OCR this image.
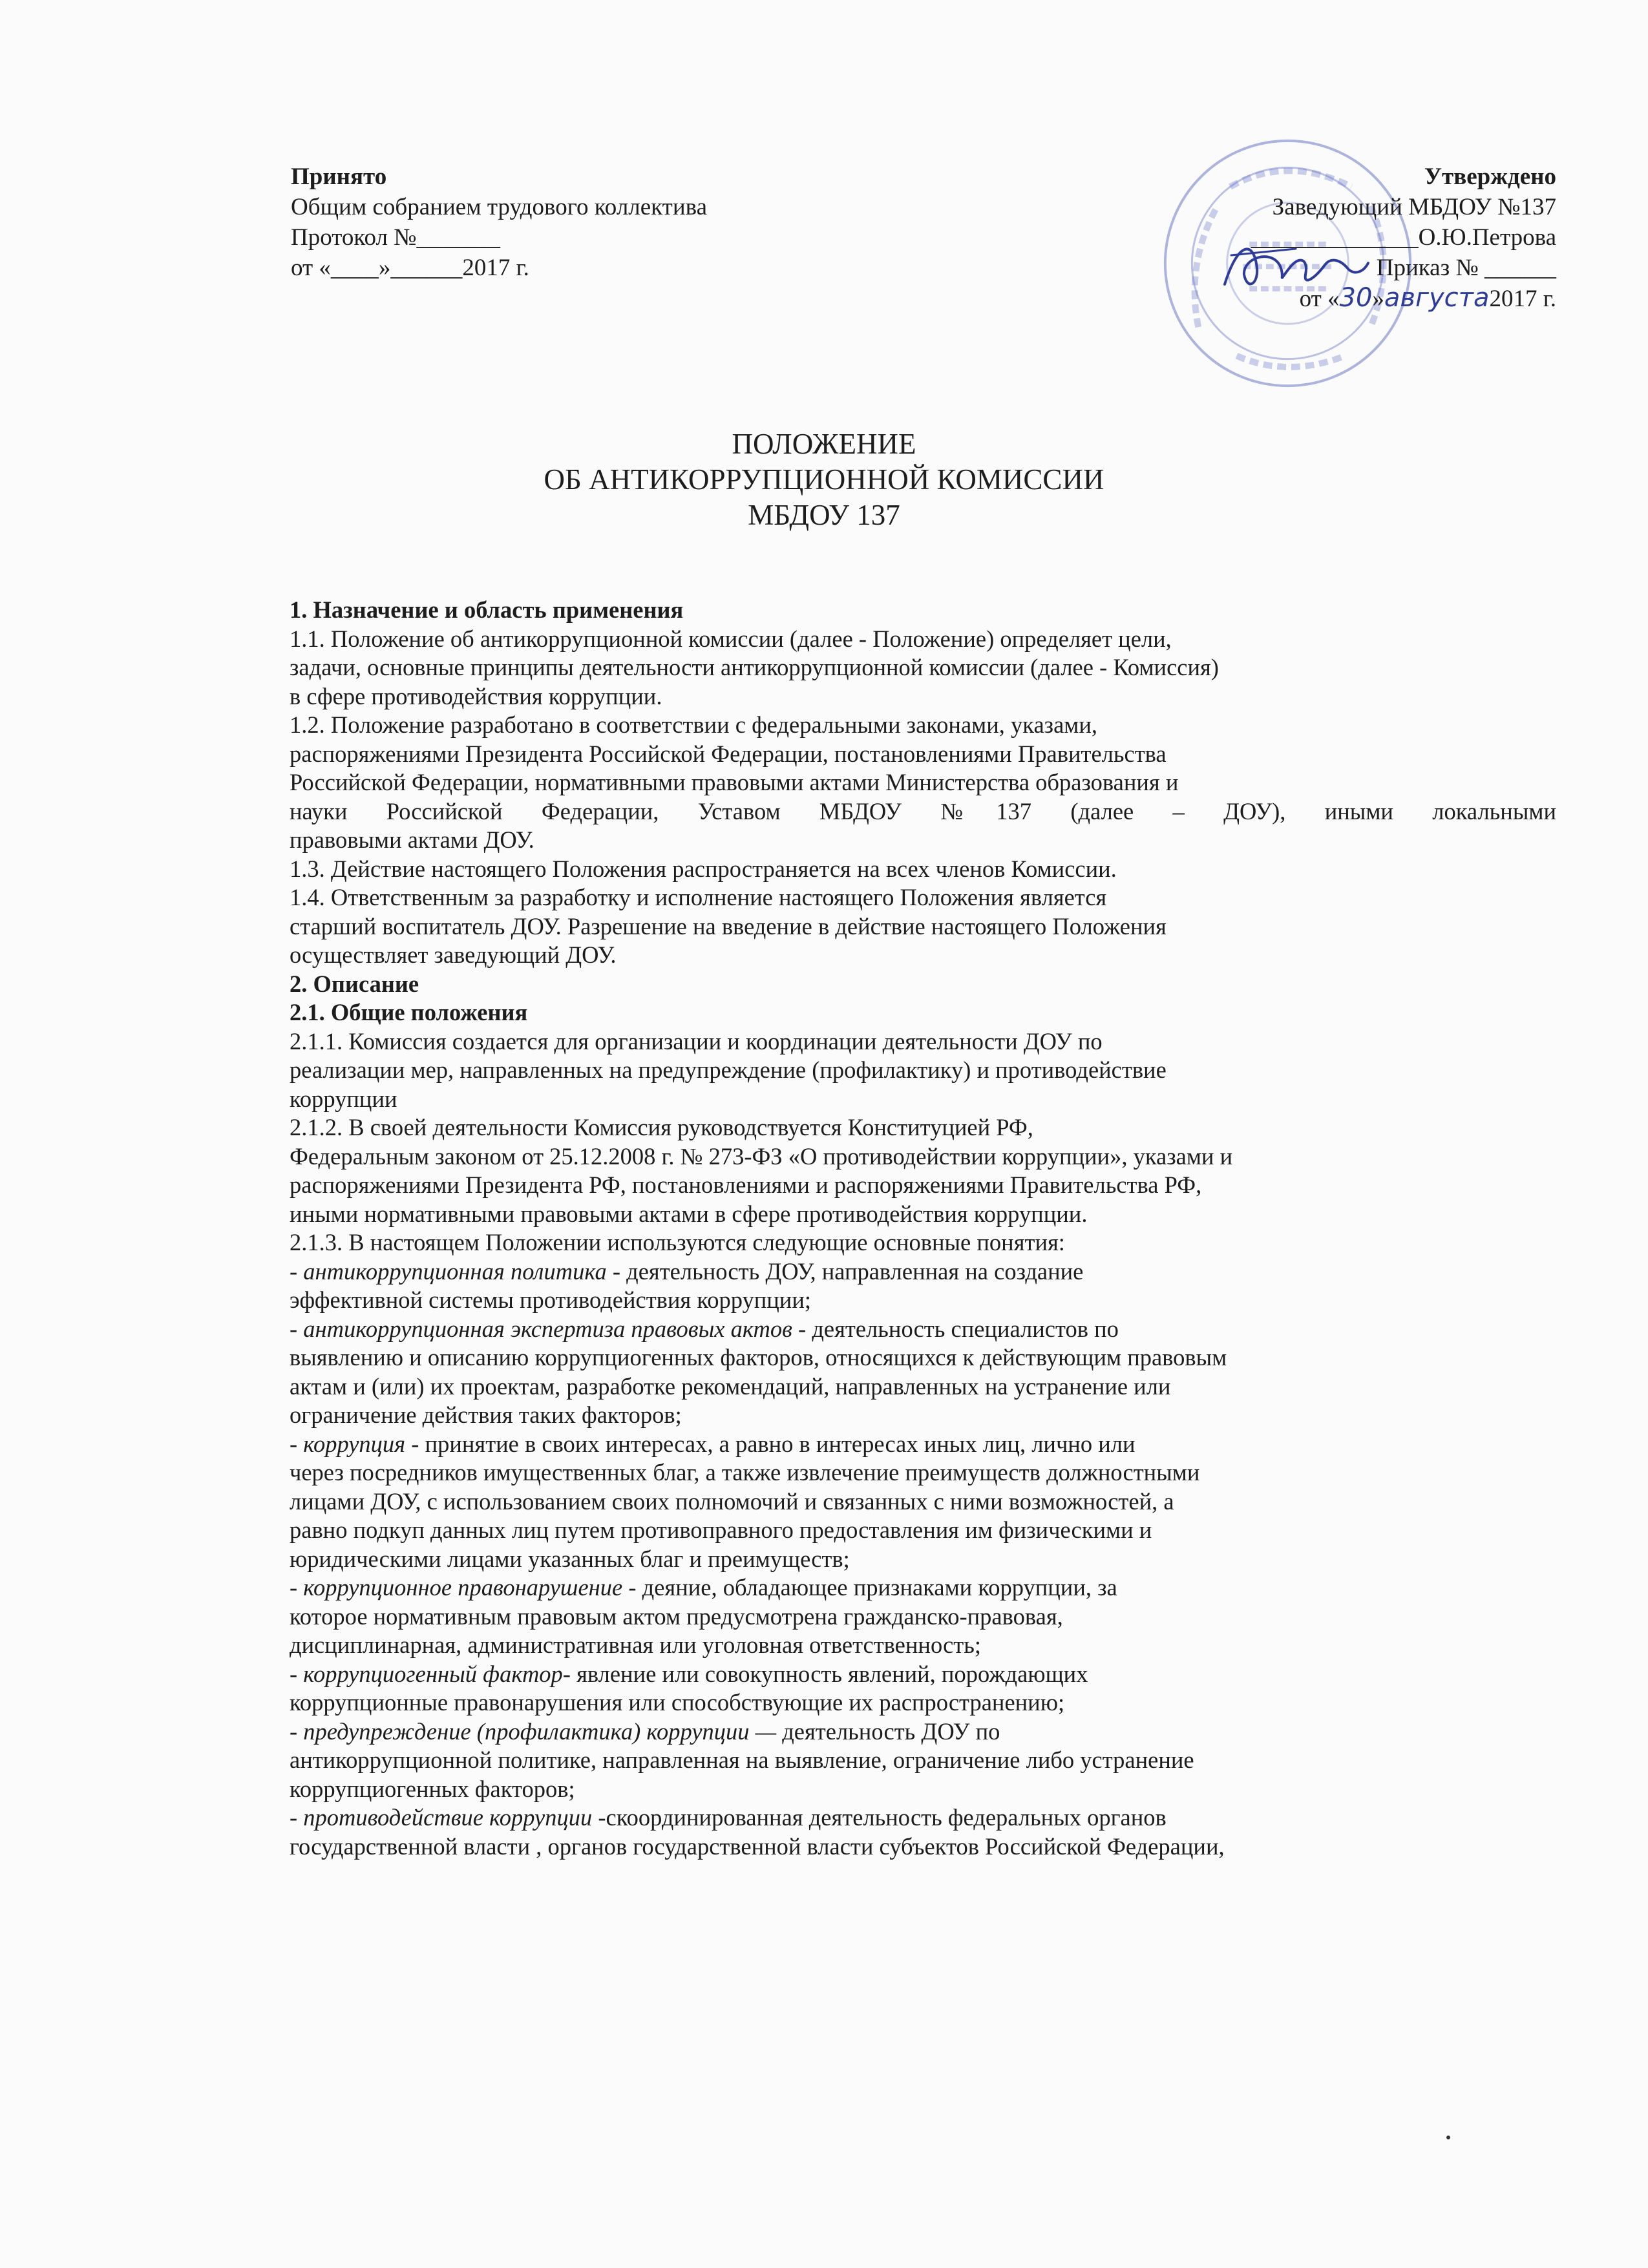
Принято
Общим собранием трудового коллектива
Протокол №_______
от «____»______2017 г.
Утверждено
Заведующий МБДОУ №137
______________О.Ю.Петрова
Приказ № ______
от «30»августа2017 г.
ПОЛОЖЕНИЕ
ОБ АНТИКОРРУПЦИОННОЙ КОМИССИИ
МБДОУ 137
1. Назначение и область применения
1.1. Положение об антикоррупционной комиссии (далее - Положение) определяет цели,
задачи, основные принципы деятельности антикоррупционной комиссии (далее - Комиссия)
в сфере противодействия коррупции.
1.2. Положение разработано в соответствии с федеральными законами, указами,
распоряжениями Президента Российской Федерации, постановлениями Правительства
Российской Федерации, нормативными правовыми актами Министерства образования и
науки Российской Федерации, Уставом МБДОУ №137 (далее – ДОУ), иными локальными
правовыми актами ДОУ.
1.3. Действие настоящего Положения распространяется на всех членов Комиссии.
1.4. Ответственным за разработку и исполнение настоящего Положения является
старший воспитатель ДОУ. Разрешение на введение в действие настоящего Положения
осуществляет заведующий ДОУ.
2. Описание
2.1. Общие положения
2.1.1. Комиссия создается для организации и координации деятельности ДОУ по
реализации мер, направленных на предупреждение (профилактику) и противодействие
коррупции
2.1.2. В своей деятельности Комиссия руководствуется Конституцией РФ,
Федеральным законом от 25.12.2008 г. № 273-ФЗ «О противодействии коррупции», указами и
распоряжениями Президента РФ, постановлениями и распоряжениями Правительства РФ,
иными нормативными правовыми актами в сфере противодействия коррупции.
2.1.3. В настоящем Положении используются следующие основные понятия:
- антикоррупционная политика - деятельность ДОУ, направленная на создание
эффективной системы противодействия коррупции;
- антикоррупционная экспертиза правовых актов - деятельность специалистов по
выявлению и описанию коррупциогенных факторов, относящихся к действующим правовым
актам и (или) их проектам, разработке рекомендаций, направленных на устранение или
ограничение действия таких факторов;
- коррупция - принятие в своих интересах, а равно в интересах иных лиц, лично или
через посредников имущественных благ, а также извлечение преимуществ должностными
лицами ДОУ, с использованием своих полномочий и связанных с ними возможностей, а
равно подкуп данных лиц путем противоправного предоставления им физическими и
юридическими лицами указанных благ и преимуществ;
- коррупционное правонарушение - деяние, обладающее признаками коррупции, за
которое нормативным правовым актом предусмотрена гражданско-правовая,
дисциплинарная, административная или уголовная ответственность;
- коррупциогенный фактор- явление или совокупность явлений, порождающих
коррупционные правонарушения или способствующие их распространению;
- предупреждение (профилактика) коррупции — деятельность ДОУ по
антикоррупционной политике, направленная на выявление, ограничение либо устранение
коррупциогенных факторов;
- противодействие коррупции -скоординированная деятельность федеральных органов
государственной власти , органов государственной власти субъектов Российской Федерации,
